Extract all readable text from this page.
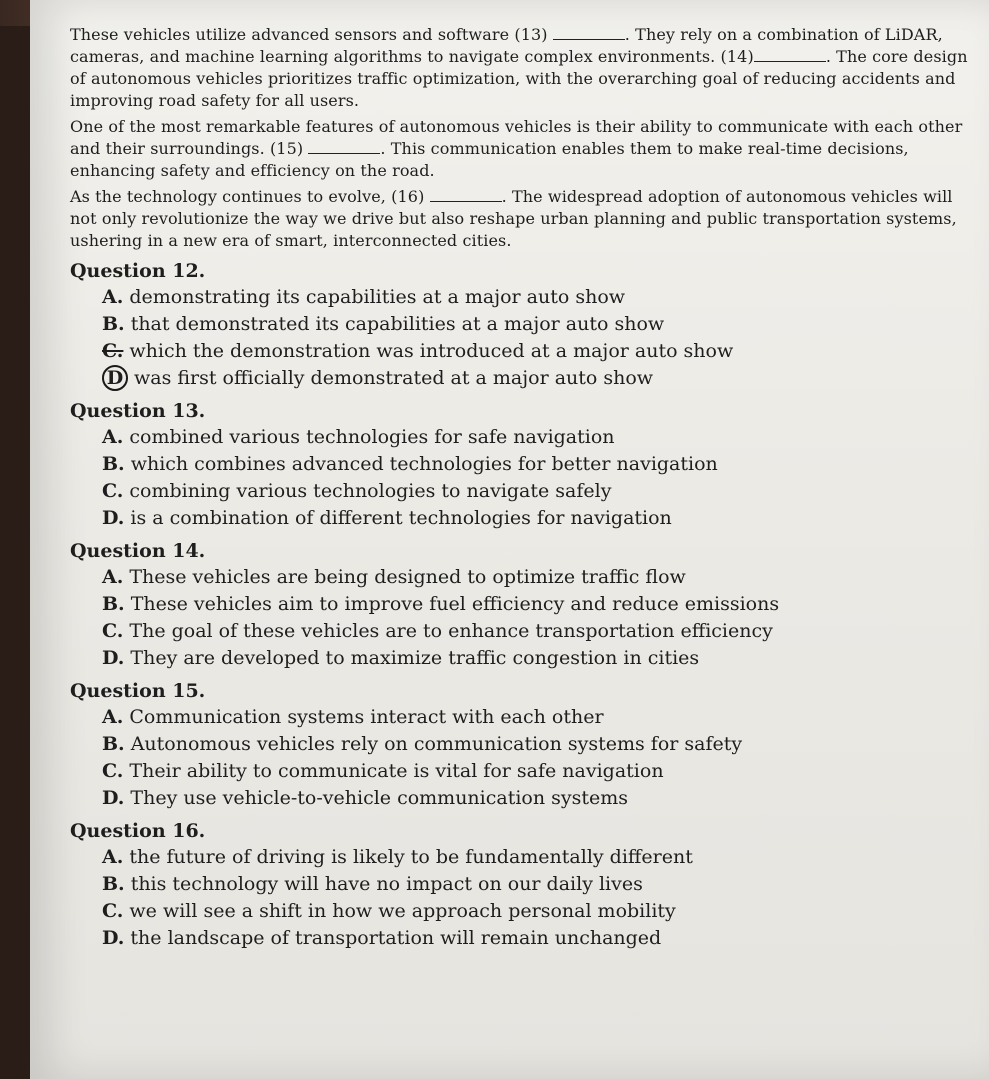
These vehicles utilize advanced sensors and software (13)	. They rely on a combination of LiDAR, cameras, and machine learning algorithms to navigate complex environments. (14)	. The core design of autonomous vehicles prioritizes traffic optimization, with the overarching goal of reducing accidents and improving road safety for all users.

One of the most remarkable features of autonomous vehicles is their ability to communicate with each other and their surroundings. (15)	. This communication enables them to make real-time decisions, enhancing safety and efficiency on the road.

As the technology continues to evolve, (16)	. The widespread adoption of autonomous vehicles will not only revolutionize the way we drive but also reshape urban planning and public transportation systems, ushering in a new era of smart, interconnected cities.

Question 12.
A. demonstrating its capabilities at a major auto show
B. that demonstrated its capabilities at a major auto show
C. which the demonstration was introduced at a major auto show
D was first officially demonstrated at a major auto show
Question 13.
A. combined various technologies for safe navigation
B. which combines advanced technologies for better navigation
C. combining various technologies to navigate safely
D. is a combination of different technologies for navigation
Question 14.
A. These vehicles are being designed to optimize traffic flow
B. These vehicles aim to improve fuel efficiency and reduce emissions
C. The goal of these vehicles are to enhance transportation efficiency
D. They are developed to maximize traffic congestion in cities
Question 15.
A. Communication systems interact with each other
B. Autonomous vehicles rely on communication systems for safety
C. Their ability to communicate is vital for safe navigation
D. They use vehicle-to-vehicle communication systems
Question 16.
A. the future of driving is likely to be fundamentally different
B. this technology will have no impact on our daily lives
C. we will see a shift in how we approach personal mobility
D. the landscape of transportation will remain unchanged
